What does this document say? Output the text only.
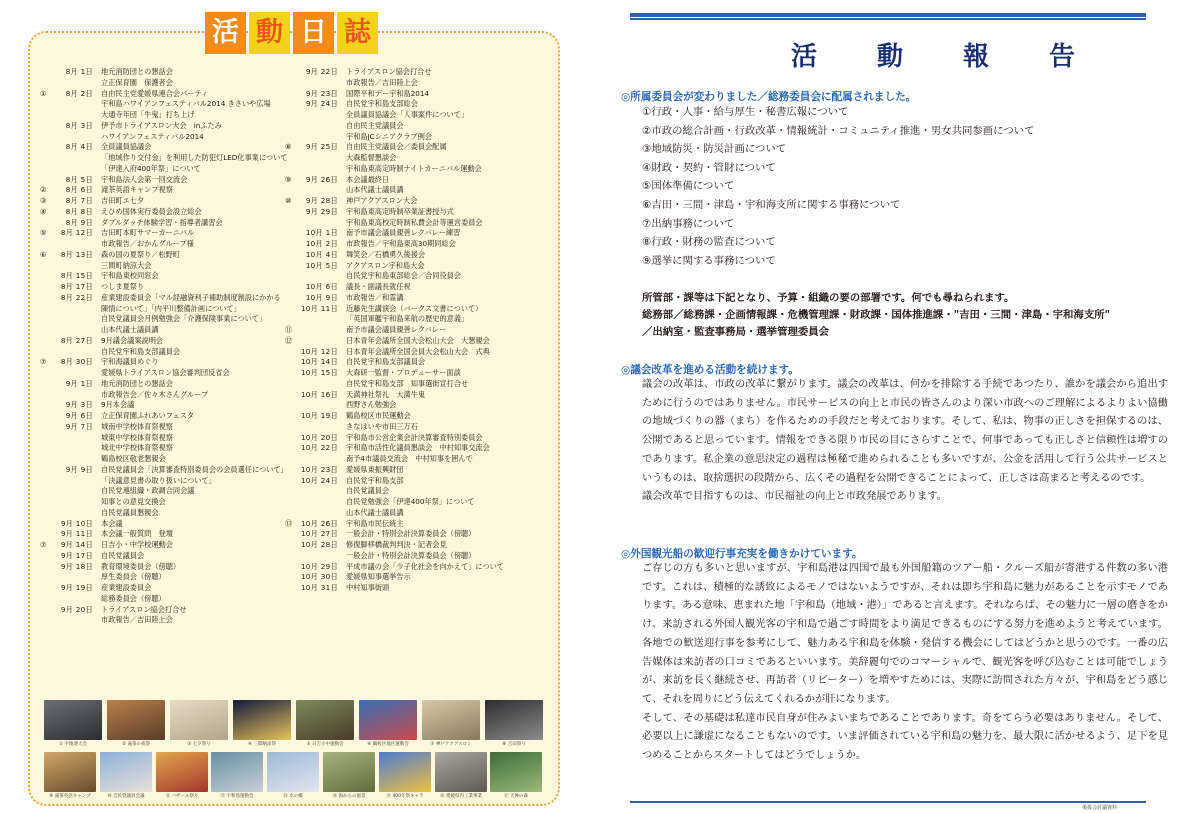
活 動 日 誌
8月 1日	地元消防団との懇話会
立正保育園　保護者会
①	8月 2日	自由民主党愛媛県連合会パーティ
宇和島ハワイアンフェスティバル2014 きさいや広場
大通寺年団「牛鬼」打ち上げ
8月 3日	伊予市トライアスロン大会　inふたみ
ハワイアンフェスティバル2014
8月 4日	全員議員協議会
「地域作り交付金」を利用した防犯灯LED化事業について
「伊達入府400年祭」について
8月 5日	宇和島法人会第一回交流会
②	8月 6日	滝茶英語キャンプ視察
③	8月 7日	吉田町エ七夕
④	8月 8日	えひめ国体実行委員会設立総会
8月 9日	ダブルダッチ体験学習・指導者講習会
⑤	8月 12日	吉田町本町サマーカーニバル
市政報告／おかんグループ様
⑥	8月 13日	森の国の夏祭り／松野町
三間町納涼大会
8月 15日	宇和島東校同窓会
8月 17日	つしま夏祭り
8月 22日	産業建設委員会「マル経融資利子補助制度創設にかかる
陳情について」「内平川整備計画について」
自民党議員会月例勉強会「介護保険事業について」
山本代議士議員講
8月 27日	9月議会議案説明会
自民党宇和島支部議員会
⑦	8月 30日	宇和海議員めぐり
愛媛県トライアスロン協会審判団反省会
9月 1日	地元消防団との懇話会
市政報告会／佐々木さんグループ
9月 3日	9月本会議
9月 6日	立正保育園ふれあいフェスタ
9月 7日	城南中学校体育祭視察
城東中学校体育祭視察
城北中学校体育祭視察
鶴島校区敬老懇親会
9月 9日	自民党議員会「決算審査特別委員会の会員選任について」
「決議意見書の取り扱いについて」
自民党連組織・政調合同会議
知事との意見交換会
自民党議員懇親会
9月 10日	本会議
9月 11日	本会議一般質問　登壇
⑦	9月 14日	日吉小・中学校運動会
9月 17日	自民党議員会
9月 18日	教育環境委員会（傍聴）
厚生委員会（傍聴）
9月 19日	産業建設委員会
総務委員会（傍聴）
9月 20日	トライアスロン協会打合せ
市政報告／吉田陸上会
9月 22日	トライアスロン協会打合せ
市政報告／吉田陸上会
9月 23日	国際平和デー宇和島2014
9月 24日	自民党宇和島支部総会
全員議員協議会「人事案件について」
自由民主党議員会
宇和島JCシニアクラブ例会
⑧	9月 25日	自由民主党議員会／委員会配属
大森監督懇談会
宇和島東高定時制ナイトカーニバル運動会
⑨	9月 26日	本会議最終日
山本代議士議員講
⑩	9月 28日	神戸アクアスロン大会
9月 29日	宇和島東高定時制卒業証書授与式
宇和島東高校定時制私費会計等運営委員会
10月 1日	南予市議会議員親善レクバレー練習
10月 2日	市政報告／宇和島東高30期同総会
10月 4日	舞笑会／石橋勇久後援会
10月 5日	アクアスロン宇和島大会
自民党宇和島東部総会／合同役員会
10月 6日	議長・副議長就任祝
10月 9日	市政報告／和霊講
10月 11日	近藤先生講演会（バークス文書について）
「英国軍艦宇和島来航の歴史的意義」
⑪	南予市議会議員親善レクバレー
⑫	日本青年会議所全国大会松山大会　大懇親会
10月 12日	日本青年会議所全国会員大会松山大会　式典
10月 14日	自民党宇和島支部議員会
10月 15日	大森研一監督・プロデューサー面談
自民党宇和島支部　知事選街宣打合せ
10月 16日	天満神社祭礼　大満牛鬼
西野さん勉強会
10月 19日	鶴島校区市民運動会
きなはいや市田三万石
10月 20日	宇和島市公営企業会計決算審査特別委員会
10月 22日	宇和島市活性化議員懇談会　中村知事交流会
南予4市議員交流会　中村知事を囲んで
10月 23日	愛媛県東振興財団
10月 24日	自民党宇和島支部
自民党議員会
自民党勉強会「伊達400年祭」について
山本代議士議員講
⑬	10月 26日	宇和島市民伝統主
10月 27日	一般会計・特別会計決算委員会（傍聴）
10月 28日	修復脚移橋裁判判決・記者会見
一般会計・特別会計決算委員会（傍聴）
10月 29日	平成市議の会「少子化社会を向かえて」について
10月 30日	愛媛県知事選挙告示
10月 31日	中村知事街頭
① 平地連大会	② 滝茶の夜祭	③ 七夕祭り	④ 三間納涼祭	⑤ 日吉小中運動会	⑥ 鶴校区地区運動会	⑦ 神戸アクアスロン	⑧ 吉田祭り
⑨ 滝茶英語キャンプ	⑩ 自民党議員会議	⑪ バザール祭り	⑫ 宇和島運動会	⑬ 水の郷	⑭ 海からの風景	⑮ 400年祭キャラ	⑯ 愛媛県内工業事業	⑰ 天神の森
活　動　報　告
◎所属委員会が変わりました／総務委員会に配属されました。
①行政・人事・給与厚生・秘書広報について
②市政の総合計画・行政改革・情報統計・コミュニティ推進・男女共同参画について
③地域防災・防災計画について
④財政・契約・管財について
⑤国体準備について
⑥吉田・三間・津島・宇和海支所に関する事務について
⑦出納事務について
⑧行政・財務の監査について
⑨選挙に関する事務について
所管部・課等は下記となり、予算・組織の要の部署です。何でも尋ねられます。
総務部／総務課・企画情報課・危機管理課・財政課・国体推進課・"吉田・三間・津島・宇和海支所"
／出納室・監査事務局・選挙管理委員会
◎議会改革を進める活動を続けます。

議会の改革は、市政の改革に繋がります。議会の改革は、何かを排除する手続であつたり、誰かを議会から追出すために行うのではありません。市民サービスの向上と市民の皆さんのより深い市政へのご理解によるよりよい協働の地域づくりの器（まち）を作るための手段だと考えております。そして、私は、物事の正しさを担保するのは、公開であると思っています。情報をできる限り市民の目にさらすことで、何事であっても正しさと信頼性は増すのであります。私企業の意思決定の過程は極秘で進められることも多いですが、公金を活用して行う公共サービスというものは、取捨選択の段階から、広くその過程を公開できることによって、正しさは高まると考えるのです。

議会改革で目指すものは、市民福祉の向上と市政発展であります。

◎外国観光船の歓迎行事充実を働きかけています。

ご存じの方も多いと思いますが、宇和島港は四国で最も外国船籍のツアー船・クルーズ船が寄港する件数の多い港です。これは、積極的な誘致によるモノではないようですが、それは即ち宇和島に魅力があることを示すモノであります。ある意味、恵まれた地「宇和島（地域・港）」であると言えます。それならば、その魅力に一層の磨きをかけ、来訪される外国人観光客の宇和島で過ごす時間をより満足できるものにする努力を進めようと考えています。各地での歓送迎行事を参考にして、魅力ある宇和島を体験・発信する機会にしてはどうかと思うのです。一番の広告媒体は来訪者の口コミであるといいます。美辞麗句でのコマーシャルで、観光客を呼び込むことは可能でしょうが、来訪を長く継続させ、再訪者（リピーター）を増やすためには、実際に訪問された方々が、宇和島をどう感じて、それを周りにどう伝えてくれるかが肝になります。

そして、その基礎は私達市民自身が住みよいまちであることであります。奇をてらう必要はありません。そして、必要以上に謙虚になることもないのです。いま評価されている宇和島の魅力を、最大限に活かせるよう、足下を見つめることからスタートしてはどうでしょうか。

後援会討議資料
